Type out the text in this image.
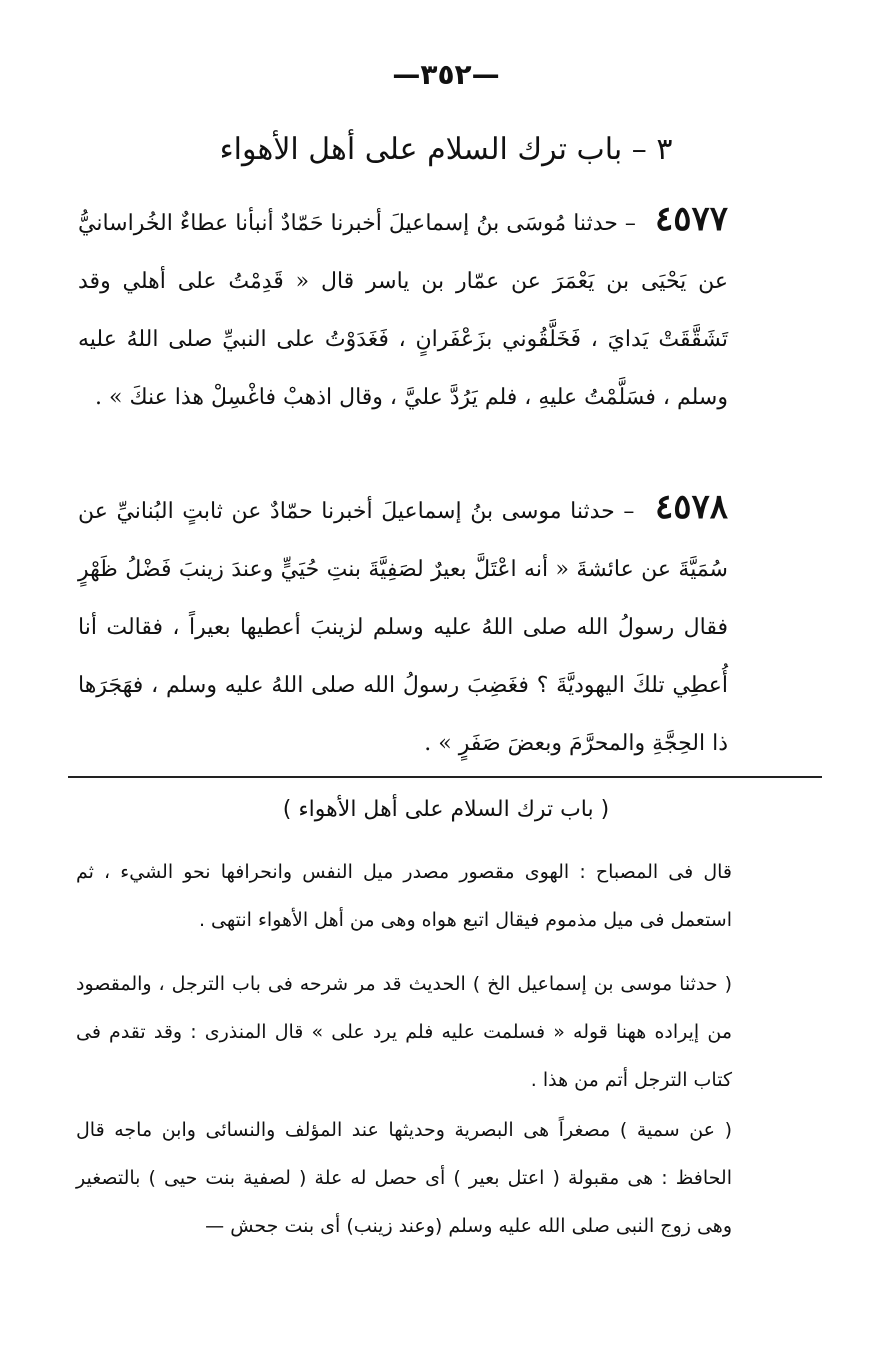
—٣٥٢—
٣ – باب ترك السلام على أهل الأهواء
٤٥٧٧ – حدثنا مُوسَى بنُ إسماعيلَ أخبرنا حَمّادٌ أنبأنا عطاءٌ الخُراسانيُّ عن يَحْيَى بن يَعْمَرَ عن عمّار بن ياسر قال « قَدِمْتُ على أهلي وقد تَشَقَّقَتْ يَدايَ ، فَخَلَّقُوني بزَعْفَرانٍ ، فَغَدَوْتُ على النبيِّ صلى اللهُ عليه وسلم ، فسَلَّمْتُ عليهِ ، فلم يَرُدَّ عليَّ ، وقال اذهبْ فاغْسِلْ هذا عنكَ » .
٤٥٧٨ – حدثنا موسى بنُ إسماعيلَ أخبرنا حمّادٌ عن ثابتٍ البُنانيِّ عن سُمَيَّةَ عن عائشةَ « أنه اعْتَلَّ بعيرٌ لصَفِيَّةَ بنتِ حُيَيٍّ وعندَ زينبَ فَضْلُ ظَهْرٍ فقال رسولُ الله صلى اللهُ عليه وسلم لزينبَ أعطيها بعيراً ، فقالت أنا أُعطِي تلكَ اليهوديَّةَ ؟ فغَضِبَ رسولُ الله صلى اللهُ عليه وسلم ، فهَجَرَها ذا الحِجَّةِ والمحرَّمَ وبعضَ صَفَرٍ » .
( باب ترك السلام على أهل الأهواء )
قال فى المصباح : الهوى مقصور مصدر ميل النفس وانحرافها نحو الشيء ، ثم استعمل فى ميل مذموم فيقال اتبع هواه وهى من أهل الأهواء انتهى .
( حدثنا موسى بن إسماعيل الخ ) الحديث قد مر شرحه فى باب الترجل ، والمقصود من إيراده ههنا قوله « فسلمت عليه فلم يرد على » قال المنذرى : وقد تقدم فى كتاب الترجل أتم من هذا .
( عن سمية ) مصغراً هى البصرية وحديثها عند المؤلف والنسائى وابن ماجه قال الحافظ : هى مقبولة ( اعتل بعير ) أى حصل له علة ( لصفية بنت حيى ) بالتصغير وهى زوج النبى صلى الله عليه وسلم (وعند زينب) أى بنت جحش —
